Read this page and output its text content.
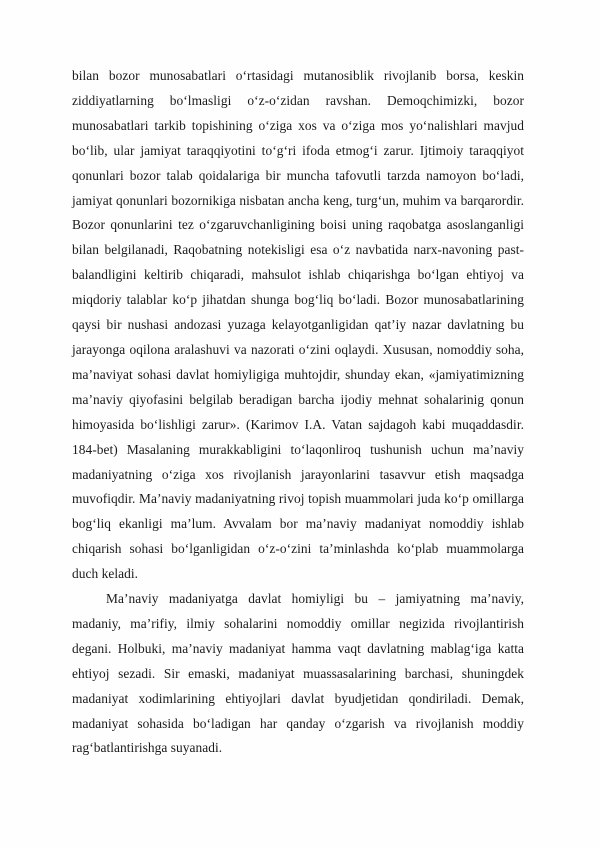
bilan bozor munosabatlari o‘rtasidagi mutanosiblik rivojlanib borsa, keskin ziddiyatlarning bo‘lmasligi o‘z-o‘zidan ravshan. Demoqchimizki, bozor munosabatlari tarkib topishining o‘ziga xos va o‘ziga mos yo‘nalishlari mavjud bo‘lib, ular jamiyat taraqqiyotini to‘g‘ri ifoda etmog‘i zarur. Ijtimoiy taraqqiyot qonunlari bozor talab qoidalariga bir muncha tafovutli tarzda namoyon bo‘ladi, jamiyat qonunlari bozornikiga nisbatan ancha keng, turg‘un, muhim va barqarordir. Bozor qonunlarini tez o‘zgaruvchanligining boisi uning raqobatga asoslanganligi bilan belgilanadi, Raqobatning notekisligi esa o‘z navbatida narx-navoning past-balandligini keltirib chiqaradi, mahsulot ishlab chiqarishga bo‘lgan ehtiyoj va miqdoriy talablar ko‘p jihatdan shunga bog‘liq bo‘ladi. Bozor munosabatlarining qaysi bir nushasi andozasi yuzaga kelayotganligidan qat’iy nazar davlatning bu jarayonga oqilona aralashuvi va nazorati o‘zini oqlaydi. Xususan, nomoddiy soha, ma’naviyat sohasi davlat homiyligiga muhtojdir, shunday ekan, «jamiyatimizning ma’naviy qiyofasini belgilab beradigan barcha ijodiy mehnat sohalarinig qonun himoyasida bo‘lishligi zarur». (Karimov I.A. Vatan sajdagoh kabi muqaddasdir. 184-bet) Masalaning murakkabligini to‘laqonliroq tushunish uchun ma’naviy madaniyatning o‘ziga xos rivojlanish jarayonlarini tasavvur etish maqsadga muvofiqdir. Ma’naviy madaniyatning rivoj topish muammolari juda ko‘p omillarga bog‘liq ekanligi ma’lum. Avvalam bor ma’naviy madaniyat nomoddiy ishlab chiqarish sohasi bo‘lganligidan o‘z-o‘zini ta’minlashda ko‘plab muammolarga duch keladi.

Ma’naviy madaniyatga davlat homiyligi bu – jamiyatning ma’naviy, madaniy, ma’rifiy, ilmiy sohalarini nomoddiy omillar negizida rivojlantirish degani. Holbuki, ma’naviy madaniyat hamma vaqt davlatning mablag‘iga katta ehtiyoj sezadi. Sir emaski, madaniyat muassasalarining barchasi, shuningdek madaniyat xodimlarining ehtiyojlari davlat byudjetidan qondiriladi. Demak, madaniyat sohasida bo‘ladigan har qanday o‘zgarish va rivojlanish moddiy rag‘batlantirishga suyanadi.
